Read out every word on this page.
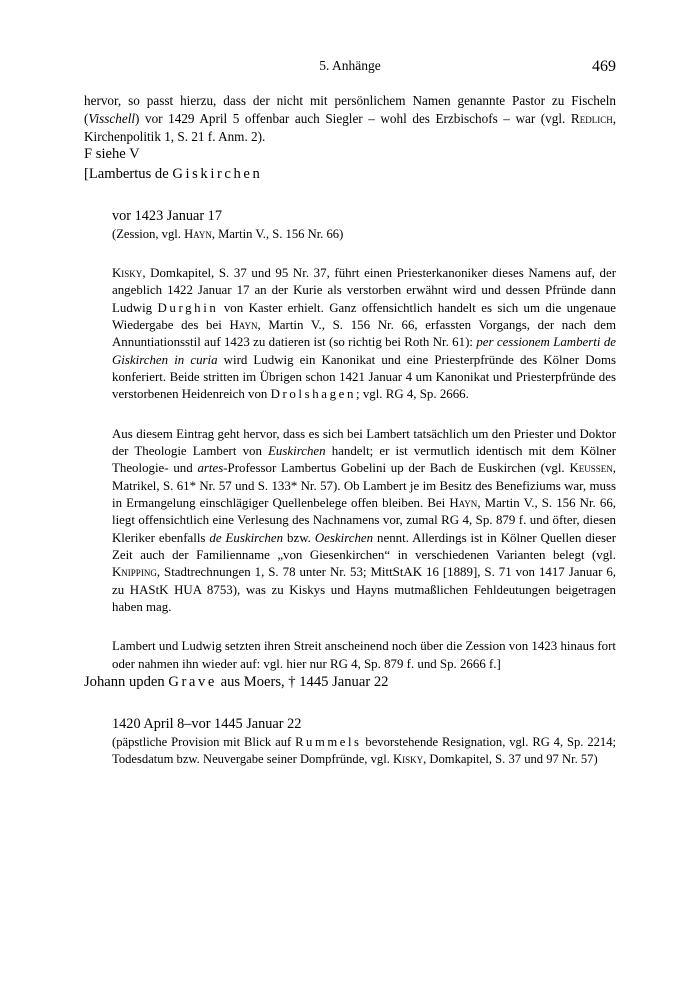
5. Anhänge	469

hervor, so passt hierzu, dass der nicht mit persönlichem Namen genannte Pastor zu Fischeln (Visschell) vor 1429 April 5 offenbar auch Siegler – wohl des Erzbischofs – war (vgl. Redlich, Kirchenpolitik 1, S. 21 f. Anm. 2).

F siehe V

[Lambertus de Giskirchen

vor 1423 Januar 17

(Zession, vgl. Hayn, Martin V., S. 156 Nr. 66)

Kisky, Domkapitel, S. 37 und 95 Nr. 37, führt einen Priesterkanoniker dieses Namens auf, der angeblich 1422 Januar 17 an der Kurie als verstorben erwähnt wird und dessen Pfründe dann Ludwig Durghin von Kaster erhielt. Ganz offensichtlich handelt es sich um die ungenaue Wiedergabe des bei Hayn, Martin V., S. 156 Nr. 66, erfassten Vorgangs, der nach dem Annuntiationsstil auf 1423 zu datieren ist (so richtig bei Roth Nr. 61): per cessionem Lamberti de Giskirchen in curia wird Ludwig ein Kanonikat und eine Priesterpfründe des Kölner Doms konferiert. Beide stritten im Übrigen schon 1421 Januar 4 um Kanonikat und Priesterpfründe des verstorbenen Heidenreich von Drolshagen; vgl. RG 4, Sp. 2666.

Aus diesem Eintrag geht hervor, dass es sich bei Lambert tatsächlich um den Priester und Doktor der Theologie Lambert von Euskirchen handelt; er ist vermutlich identisch mit dem Kölner Theologie- und artes-Professor Lambertus Gobelini up der Bach de Euskirchen (vgl. Keussen, Matrikel, S. 61* Nr. 57 und S. 133* Nr. 57). Ob Lambert je im Besitz des Benefiziums war, muss in Ermangelung einschlägiger Quellenbelege offen bleiben. Bei Hayn, Martin V., S. 156 Nr. 66, liegt offensichtlich eine Verlesung des Nachnamens vor, zumal RG 4, Sp. 879 f. und öfter, diesen Kleriker ebenfalls de Euskirchen bzw. Oeskirchen nennt. Allerdings ist in Kölner Quellen dieser Zeit auch der Familienname „von Giesenkirchen“ in verschiedenen Varianten belegt (vgl. Knipping, Stadtrechnungen 1, S. 78 unter Nr. 53; MittStAK 16 [1889], S. 71 von 1417 Januar 6, zu HAStK HUA 8753), was zu Kiskys und Hayns mutmaßlichen Fehldeutungen beigetragen haben mag.

Lambert und Ludwig setzten ihren Streit anscheinend noch über die Zession von 1423 hinaus fort oder nahmen ihn wieder auf: vgl. hier nur RG 4, Sp. 879 f. und Sp. 2666 f.]

Johann upden Grave aus Moers, † 1445 Januar 22

1420 April 8–vor 1445 Januar 22

(päpstliche Provision mit Blick auf Rummels bevorstehende Resignation, vgl. RG 4, Sp. 2214; Todesdatum bzw. Neuvergabe seiner Dompfründe, vgl. Kisky, Domkapitel, S. 37 und 97 Nr. 57)
